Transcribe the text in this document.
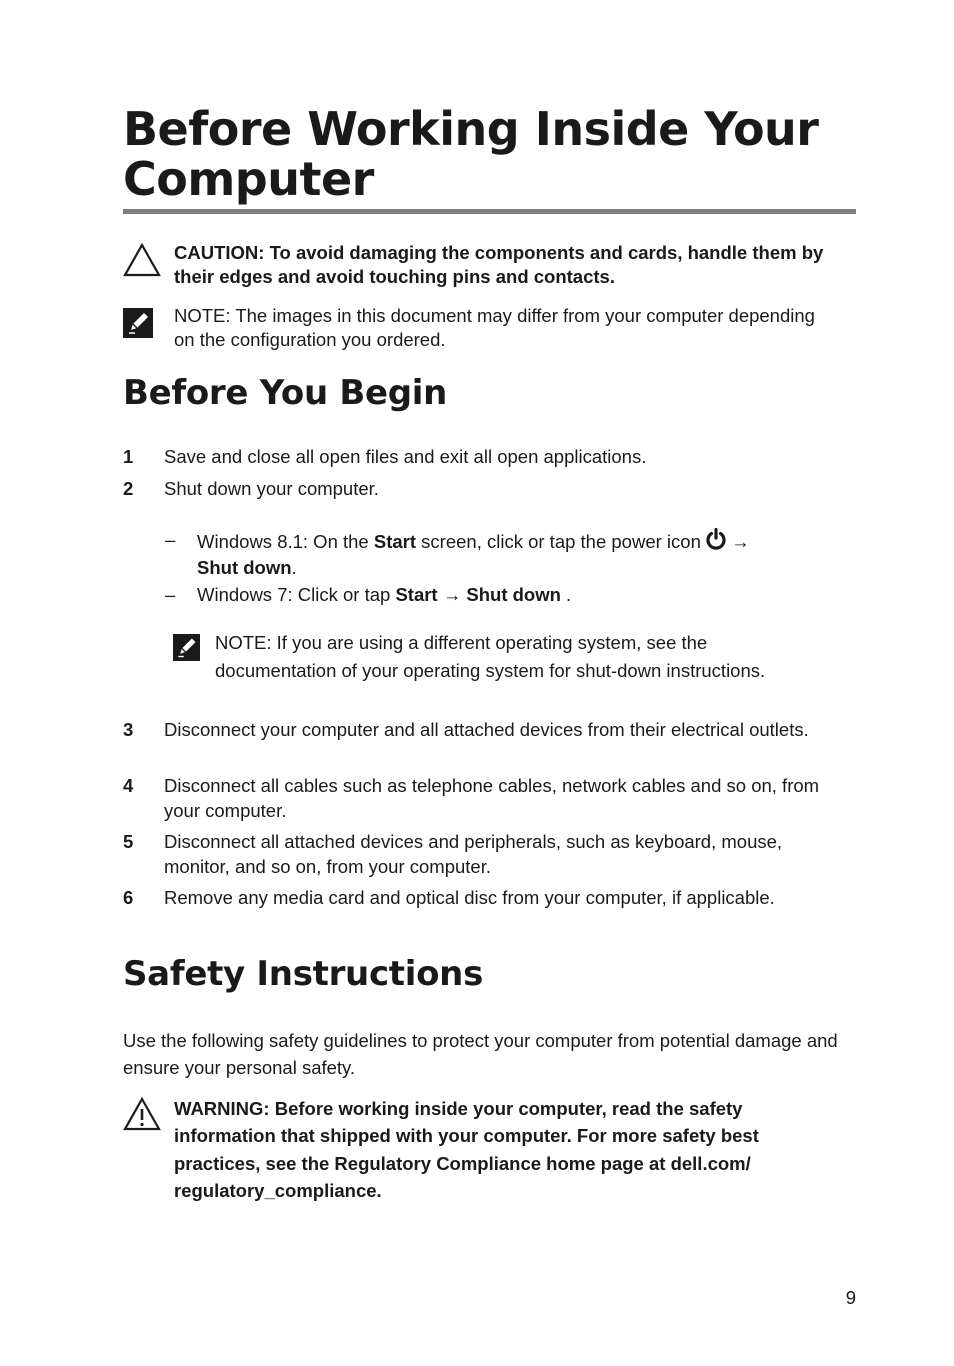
Before Working Inside Your
Computer
CAUTION: To avoid damaging the components and cards, handle them by their edges and avoid touching pins and contacts.
NOTE: The images in this document may differ from your computer depending on the configuration you ordered.
Before You Begin
1 Save and close all open files and exit all open applications.
2 Shut down your computer.
– Windows 8.1: On the Start screen, click or tap the power icon  →
Shut down.
– Windows 7: Click or tap Start → Shut down .
NOTE: If you are using a different operating system, see the documentation of your operating system for shut-down instructions.
3 Disconnect your computer and all attached devices from their electrical outlets.
4 Disconnect all cables such as telephone cables, network cables and so on, from your computer.
5 Disconnect all attached devices and peripherals, such as keyboard, mouse, monitor, and so on, from your computer.
6 Remove any media card and optical disc from your computer, if applicable.
Safety Instructions
Use the following safety guidelines to protect your computer from potential damage and ensure your personal safety.
WARNING: Before working inside your computer, read the safety information that shipped with your computer. For more safety best practices, see the Regulatory Compliance home page at dell.com/ regulatory_compliance.
9
